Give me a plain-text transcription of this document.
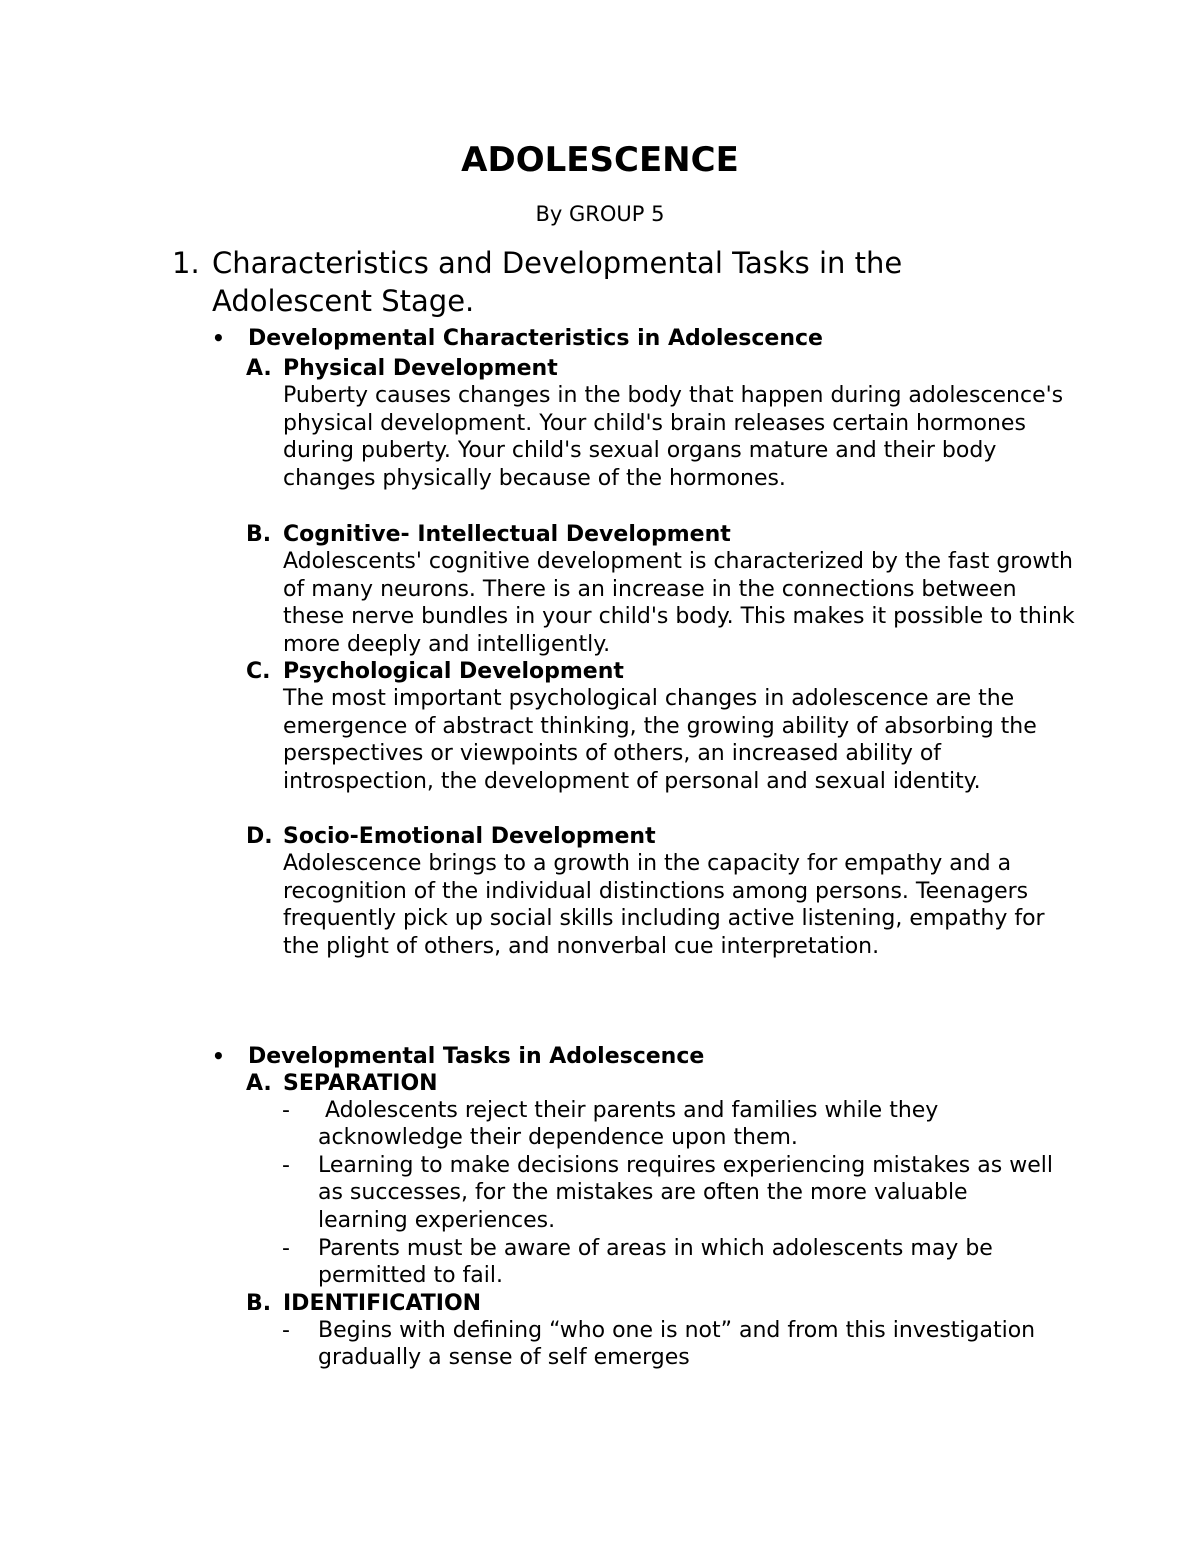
ADOLESCENCE
By GROUP 5
1. Characteristics and Developmental Tasks in the Adolescent Stage.
• Developmental Characteristics in Adolescence
A. Physical Development
Puberty causes changes in the body that happen during adolescence's physical development. Your child's brain releases certain hormones during puberty. Your child's sexual organs mature and their body changes physically because of the hormones.
B. Cognitive- Intellectual Development
Adolescents' cognitive development is characterized by the fast growth of many neurons. There is an increase in the connections between these nerve bundles in your child's body. This makes it possible to think more deeply and intelligently.
C. Psychological Development
The most important psychological changes in adolescence are the emergence of abstract thinking, the growing ability of absorbing the perspectives or viewpoints of others, an increased ability of introspection, the development of personal and sexual identity.
D. Socio-Emotional Development
Adolescence brings to a growth in the capacity for empathy and a recognition of the individual distinctions among persons. Teenagers frequently pick up social skills including active listening, empathy for the plight of others, and nonverbal cue interpretation.
• Developmental Tasks in Adolescence
A. SEPARATION
- Adolescents reject their parents and families while they acknowledge their dependence upon them.
- Learning to make decisions requires experiencing mistakes as well as successes, for the mistakes are often the more valuable learning experiences.
- Parents must be aware of areas in which adolescents may be permitted to fail.
B. IDENTIFICATION
- Begins with defining “who one is not” and from this investigation gradually a sense of self emerges
